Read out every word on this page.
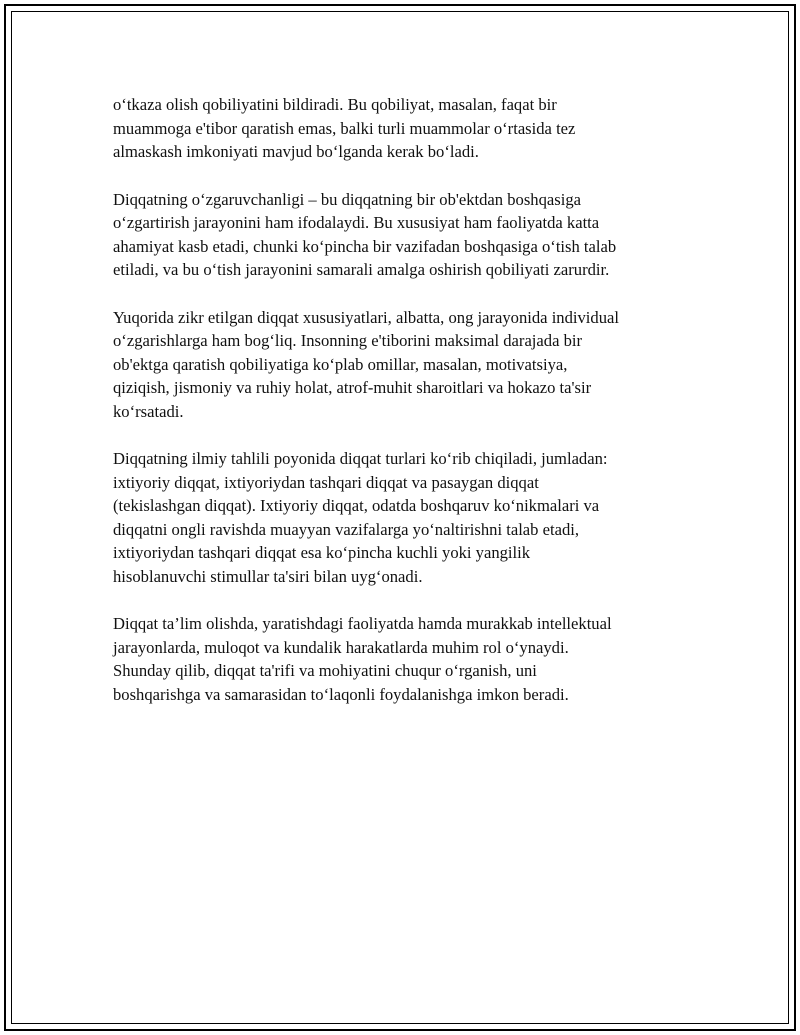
o‘tkaza olish qobiliyatini bildiradi. Bu qobiliyat, masalan, faqat bir
muammoga e'tibor qaratish emas, balki turli muammolar o‘rtasida tez
almaskash imkoniyati mavjud bo‘lganda kerak bo‘ladi.

Diqqatning o‘zgaruvchanligi – bu diqqatning bir ob'ektdan boshqasiga
o‘zgartirish jarayonini ham ifodalaydi. Bu xususiyat ham faoliyatda katta
ahamiyat kasb etadi, chunki ko‘pincha bir vazifadan boshqasiga o‘tish talab
etiladi, va bu o‘tish jarayonini samarali amalga oshirish qobiliyati zarurdir.

Yuqorida zikr etilgan diqqat xususiyatlari, albatta, ong jarayonida individual
o‘zgarishlarga ham bog‘liq. Insonning e'tiborini maksimal darajada bir
ob'ektga qaratish qobiliyatiga ko‘plab omillar, masalan, motivatsiya,
qiziqish, jismoniy va ruhiy holat, atrof-muhit sharoitlari va hokazo ta'sir
ko‘rsatadi.

Diqqatning ilmiy tahlili poyonida diqqat turlari ko‘rib chiqiladi, jumladan:
ixtiyoriy diqqat, ixtiyoriydan tashqari diqqat va pasaygan diqqat
(tekislashgan diqqat). Ixtiyoriy diqqat, odatda boshqaruv ko‘nikmalari va
diqqatni ongli ravishda muayyan vazifalarga yo‘naltirishni talab etadi,
ixtiyoriydan tashqari diqqat esa ko‘pincha kuchli yoki yangilik
hisoblanuvchi stimullar ta'siri bilan uyg‘onadi.

Diqqat ta’lim olishda, yaratishdagi faoliyatda hamda murakkab intellektual
jarayonlarda, muloqot va kundalik harakatlarda muhim rol o‘ynaydi.
Shunday qilib, diqqat ta'rifi va mohiyatini chuqur o‘rganish, uni
boshqarishga va samarasidan to‘laqonli foydalanishga imkon beradi.
